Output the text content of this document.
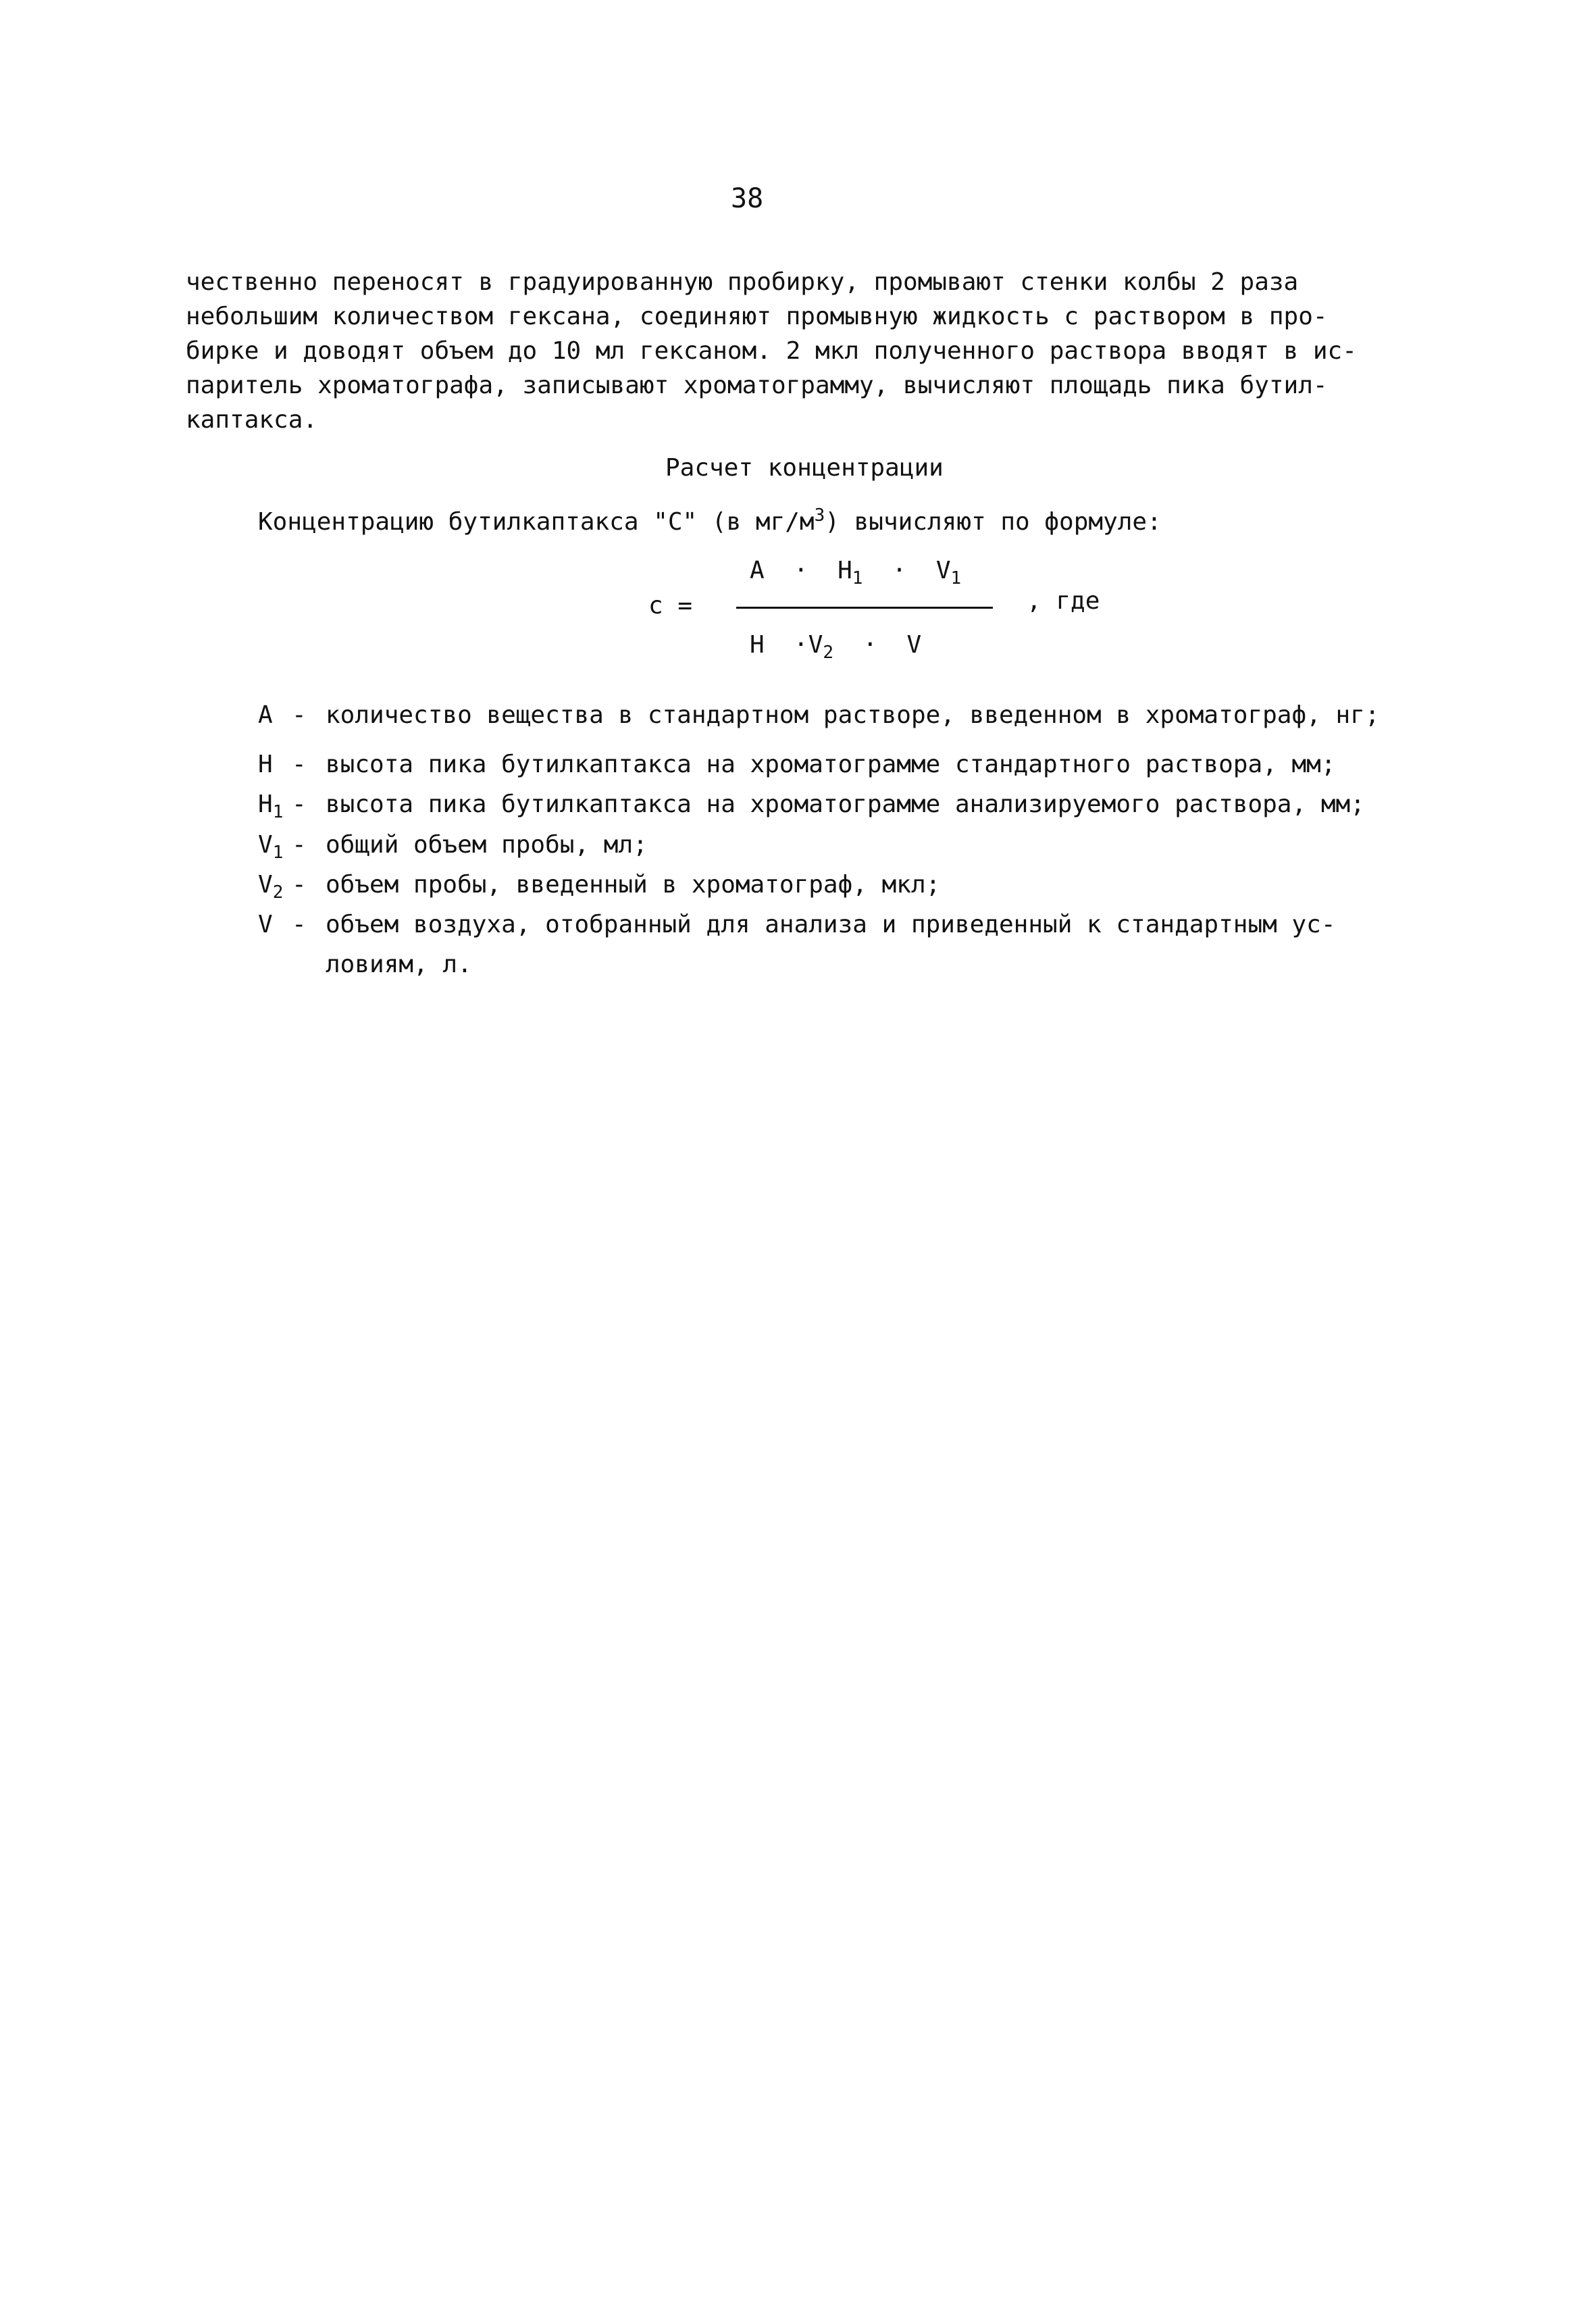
38
чественно переносят в градуированную пробирку, промывают стенки колбы 2 раза
небольшим количеством гексана, соединяют промывную жидкость с раствором в про-
бирке и доводят объем до 10 мл гексаном. 2 мкл полученного раствора вводят в ис-
паритель хроматографа, записывают хроматограмму, вычисляют площадь пика бутил-
каптакса.
Расчет концентрации
Концентрацию бутилкаптакса "С" (в $мг/м^3$) вычисляют по формуле:
с =
$А \cdot Н_1 \cdot V_1$
$Н \cdot V_2 \cdot V$
, где
А - количество вещества в стандартном растворе, введенном в хроматограф, нг;
Н - высота пика бутилкаптакса на хроматограмме стандартного раствора, мм;
$Н_1$ - высота пика бутилкаптакса на хроматограмме анализируемого раствора, мм;
$V_1$ - общий объем пробы, мл;
$V_2$ - объем пробы, введенный в хроматограф, мкл;
V - объем воздуха, отобранный для анализа и приведенный к стандартным ус-
ловиям, л.
